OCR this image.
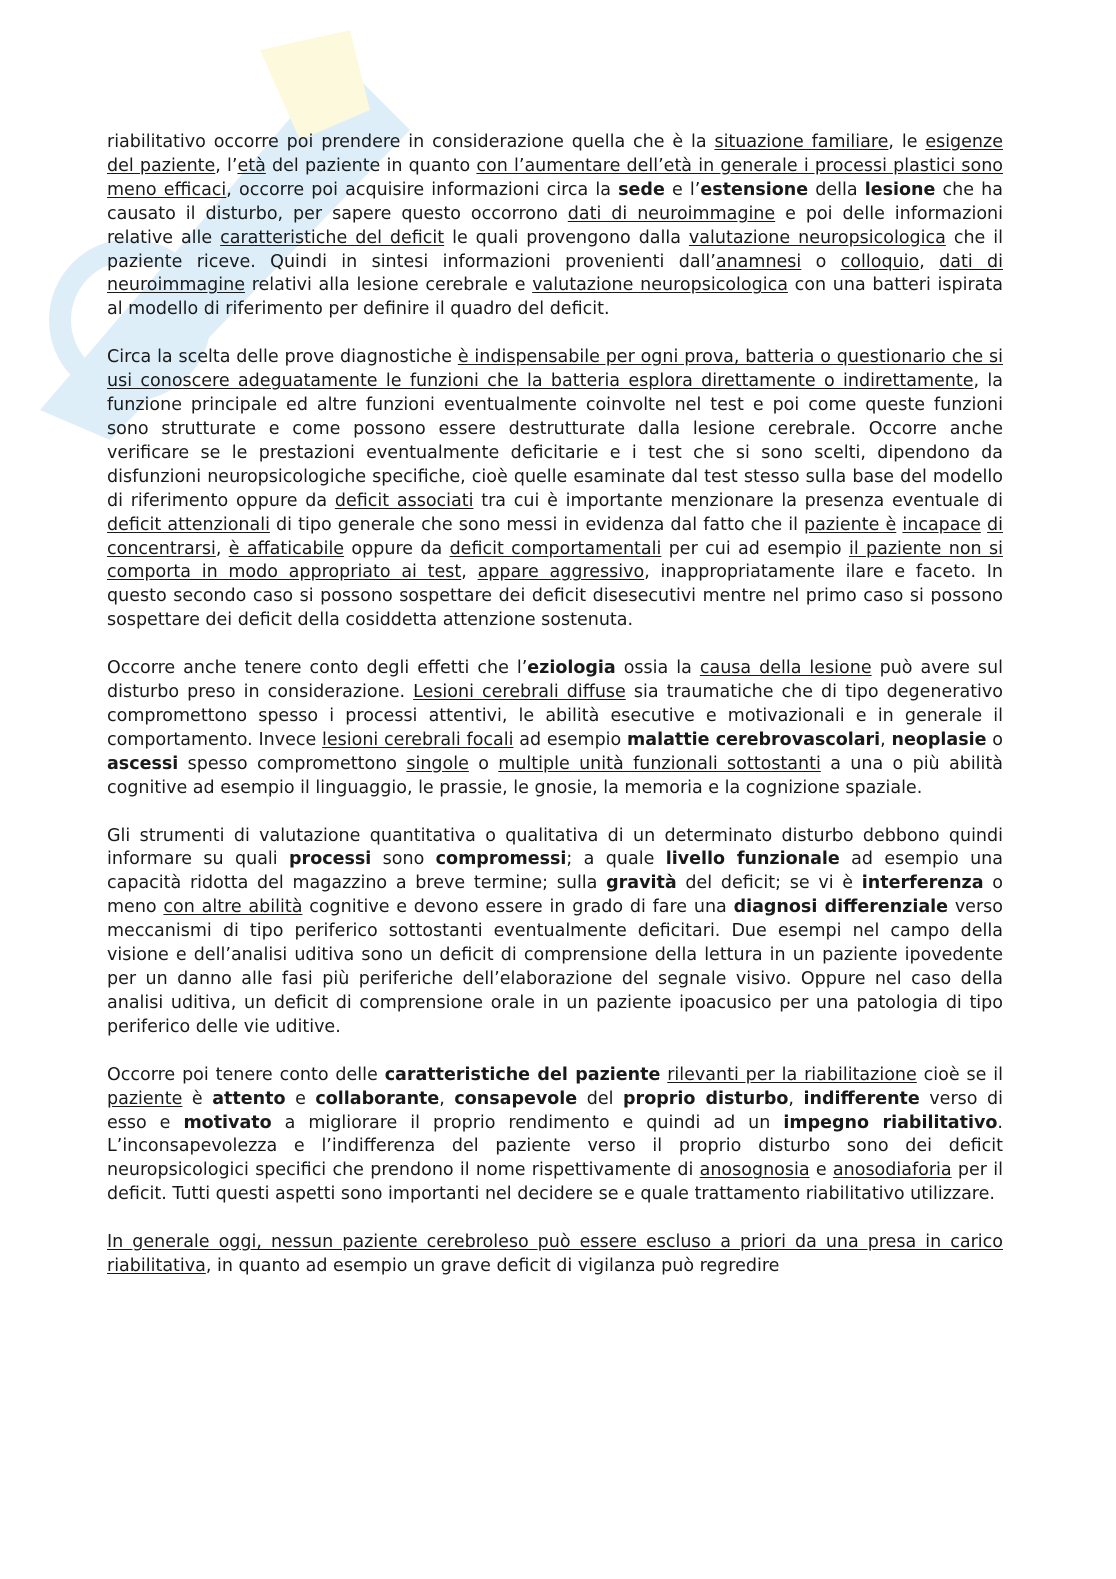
riabilitativo occorre poi prendere in considerazione quella che è la situazione familiare, le esigenze del paziente, l’età del paziente in quanto con l’aumentare dell’età in generale i processi plastici sono meno efficaci, occorre poi acquisire informazioni circa la sede e l’estensione della lesione che ha causato il disturbo, per sapere questo occorrono dati di neuroimmagine e poi delle informazioni relative alle caratteristiche del deficit le quali provengono dalla valutazione neuropsicologica che il paziente riceve. Quindi in sintesi informazioni provenienti dall’anamnesi o colloquio, dati di neuroimmagine relativi alla lesione cerebrale e valutazione neuropsicologica con una batteri ispirata al modello di riferimento per definire il quadro del deficit.

Circa la scelta delle prove diagnostiche è indispensabile per ogni prova, batteria o questionario che si usi conoscere adeguatamente le funzioni che la batteria esplora direttamente o indirettamente, la funzione principale ed altre funzioni eventualmente coinvolte nel test e poi come queste funzioni sono strutturate e come possono essere destrutturate dalla lesione cerebrale. Occorre anche verificare se le prestazioni eventualmente deficitarie e i test che si sono scelti, dipendono da disfunzioni neuropsicologiche specifiche, cioè quelle esaminate dal test stesso sulla base del modello di riferimento oppure da deficit associati tra cui è importante menzionare la presenza eventuale di deficit attenzionali di tipo generale che sono messi in evidenza dal fatto che il paziente è incapace di concentrarsi, è affaticabile oppure da deficit comportamentali per cui ad esempio il paziente non si comporta in modo appropriato ai test, appare aggressivo, inappropriatamente ilare e faceto. In questo secondo caso si possono sospettare dei deficit disesecutivi mentre nel primo caso si possono sospettare dei deficit della cosiddetta attenzione sostenuta.

Occorre anche tenere conto degli effetti che l’eziologia ossia la causa della lesione può avere sul disturbo preso in considerazione. Lesioni cerebrali diffuse sia traumatiche che di tipo degenerativo compromettono spesso i processi attentivi, le abilità esecutive e motivazionali e in generale il comportamento. Invece lesioni cerebrali focali ad esempio malattie cerebrovascolari, neoplasie o ascessi spesso compromettono singole o multiple unità funzionali sottostanti a una o più abilità cognitive ad esempio il linguaggio, le prassie, le gnosie, la memoria e la cognizione spaziale.

Gli strumenti di valutazione quantitativa o qualitativa di un determinato disturbo debbono quindi informare su quali processi sono compromessi; a quale livello funzionale ad esempio una capacità ridotta del magazzino a breve termine; sulla gravità del deficit; se vi è interferenza o meno con altre abilità cognitive e devono essere in grado di fare una diagnosi differenziale verso meccanismi di tipo periferico sottostanti eventualmente deficitari. Due esempi nel campo della visione e dell’analisi uditiva sono un deficit di comprensione della lettura in un paziente ipovedente per un danno alle fasi più periferiche dell’elaborazione del segnale visivo. Oppure nel caso della analisi uditiva, un deficit di comprensione orale in un paziente ipoacusico per una patologia di tipo periferico delle vie uditive.

Occorre poi tenere conto delle caratteristiche del paziente rilevanti per la riabilitazione cioè se il paziente è attento e collaborante, consapevole del proprio disturbo, indifferente verso di esso e motivato a migliorare il proprio rendimento e quindi ad un impegno riabilitativo. L’inconsapevolezza e l’indifferenza del paziente verso il proprio disturbo sono dei deficit neuropsicologici specifici che prendono il nome rispettivamente di anosognosia e anosodiaforia per il deficit. Tutti questi aspetti sono importanti nel decidere se e quale trattamento riabilitativo utilizzare.

In generale oggi, nessun paziente cerebroleso può essere escluso a priori da una presa in carico riabilitativa, in quanto ad esempio un grave deficit di vigilanza può regredire
